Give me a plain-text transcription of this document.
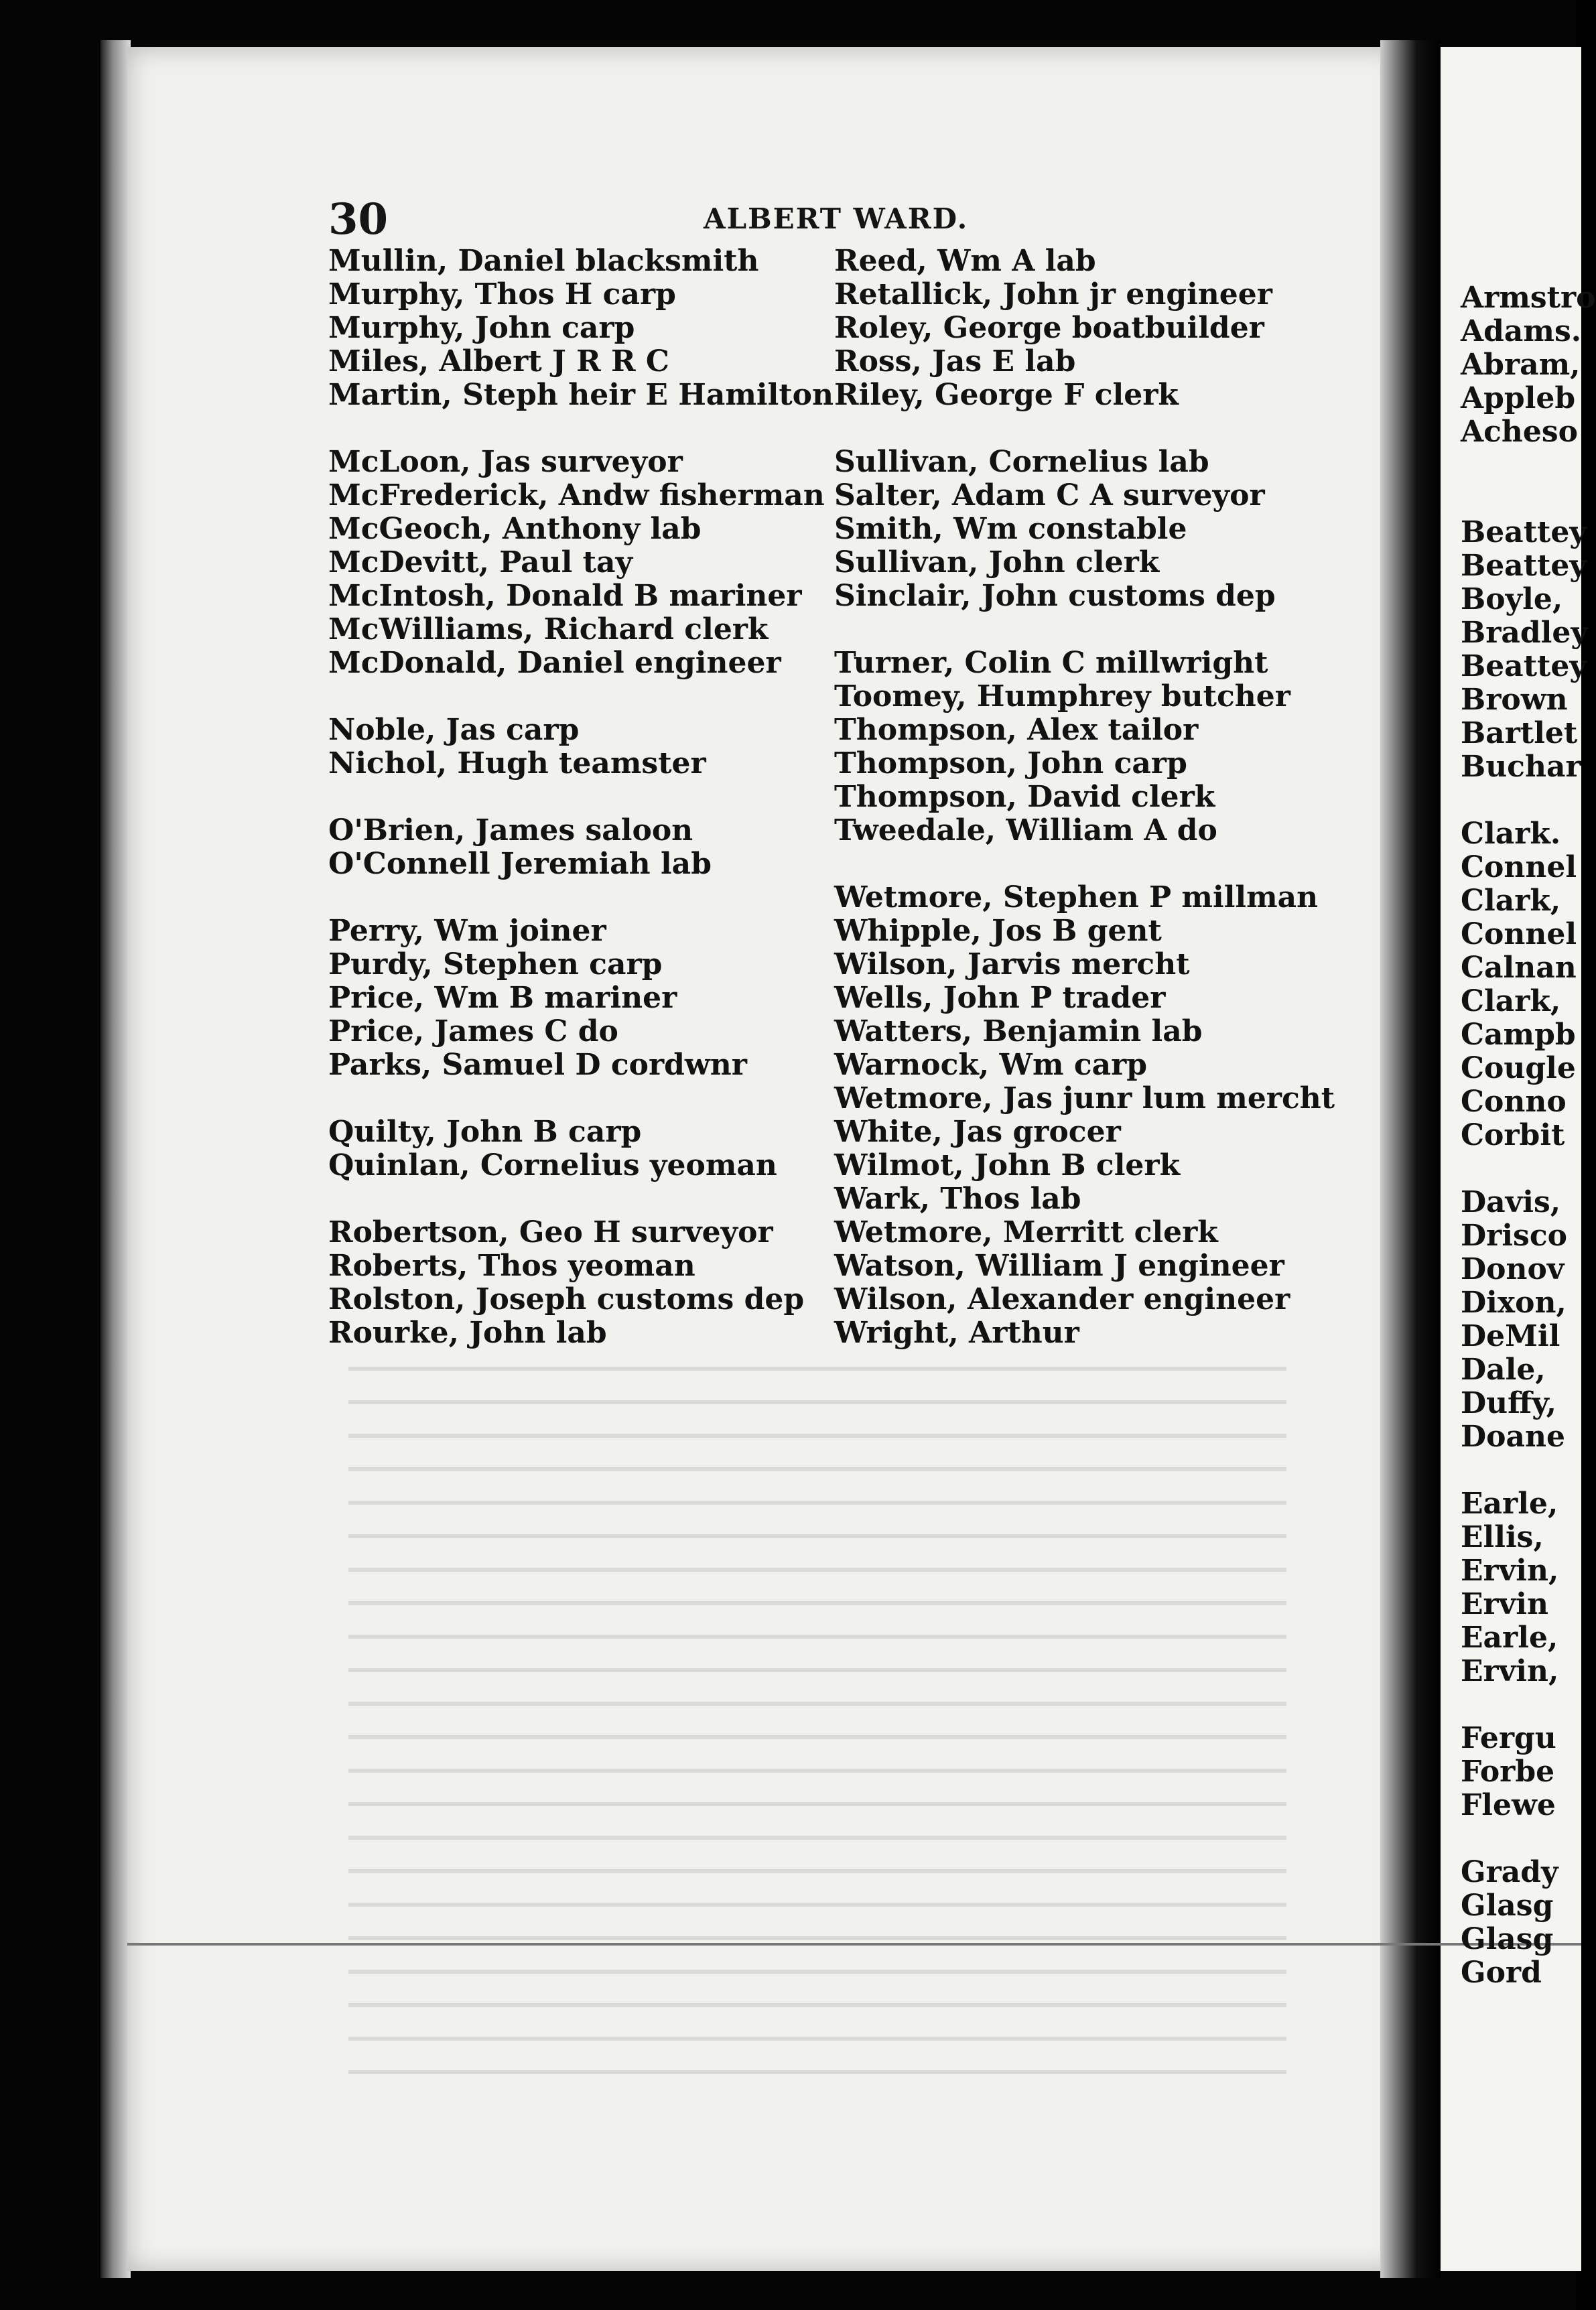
30	ALBERT WARD.
Mullin, Daniel blacksmith
Murphy, Thos H carp
Murphy, John carp
Miles, Albert J R R C
Martin, Steph heir E Hamilton
McLoon, Jas surveyor
McFrederick, Andw fisherman
McGeoch, Anthony lab
McDevitt, Paul tay
McIntosh, Donald B mariner
McWilliams, Richard clerk
McDonald, Daniel engineer
Noble, Jas carp
Nichol, Hugh teamster
O'Brien, James saloon
O'Connell Jeremiah lab
Perry, Wm joiner
Purdy, Stephen carp
Price, Wm B mariner
Price, James C do
Parks, Samuel D cordwnr
Quilty, John B carp
Quinlan, Cornelius yeoman
Robertson, Geo H surveyor
Roberts, Thos yeoman
Rolston, Joseph customs dep
Rourke, John lab
Reed, Wm A lab
Retallick, John jr engineer
Roley, George boatbuilder
Ross, Jas E lab
Riley, George F clerk
Sullivan, Cornelius lab
Salter, Adam C A surveyor
Smith, Wm constable
Sullivan, John clerk
Sinclair, John customs dep
Turner, Colin C millwright
Toomey, Humphrey butcher
Thompson, Alex tailor
Thompson, John carp
Thompson, David clerk
Tweedale, William A do
Wetmore, Stephen P millman
Whipple, Jos B gent
Wilson, Jarvis mercht
Wells, John P trader
Watters, Benjamin lab
Warnock, Wm carp
Wetmore, Jas junr lum mercht
White, Jas grocer
Wilmot, John B clerk
Wark, Thos lab
Wetmore, Merritt clerk
Watson, William J engineer
Wilson, Alexander engineer
Wright, Arthur
Armstro
Adams.
Abram,
Appleb
Acheso
Beattey
Beattey
Boyle,
Bradley
Beattey
Brown
Bartlet
Buchar
Clark.
Connel
Clark,
Connel
Calnan
Clark,
Campb
Cougle
Conno
Corbit
Davis,
Drisco
Donov
Dixon,
DeMil
Dale,
Duffy,
Doane
Earle,
Ellis,
Ervin,
Ervin
Earle,
Ervin,
Fergu
Forbe
Flewe
Grady
Glasg
Glasg
Gord
